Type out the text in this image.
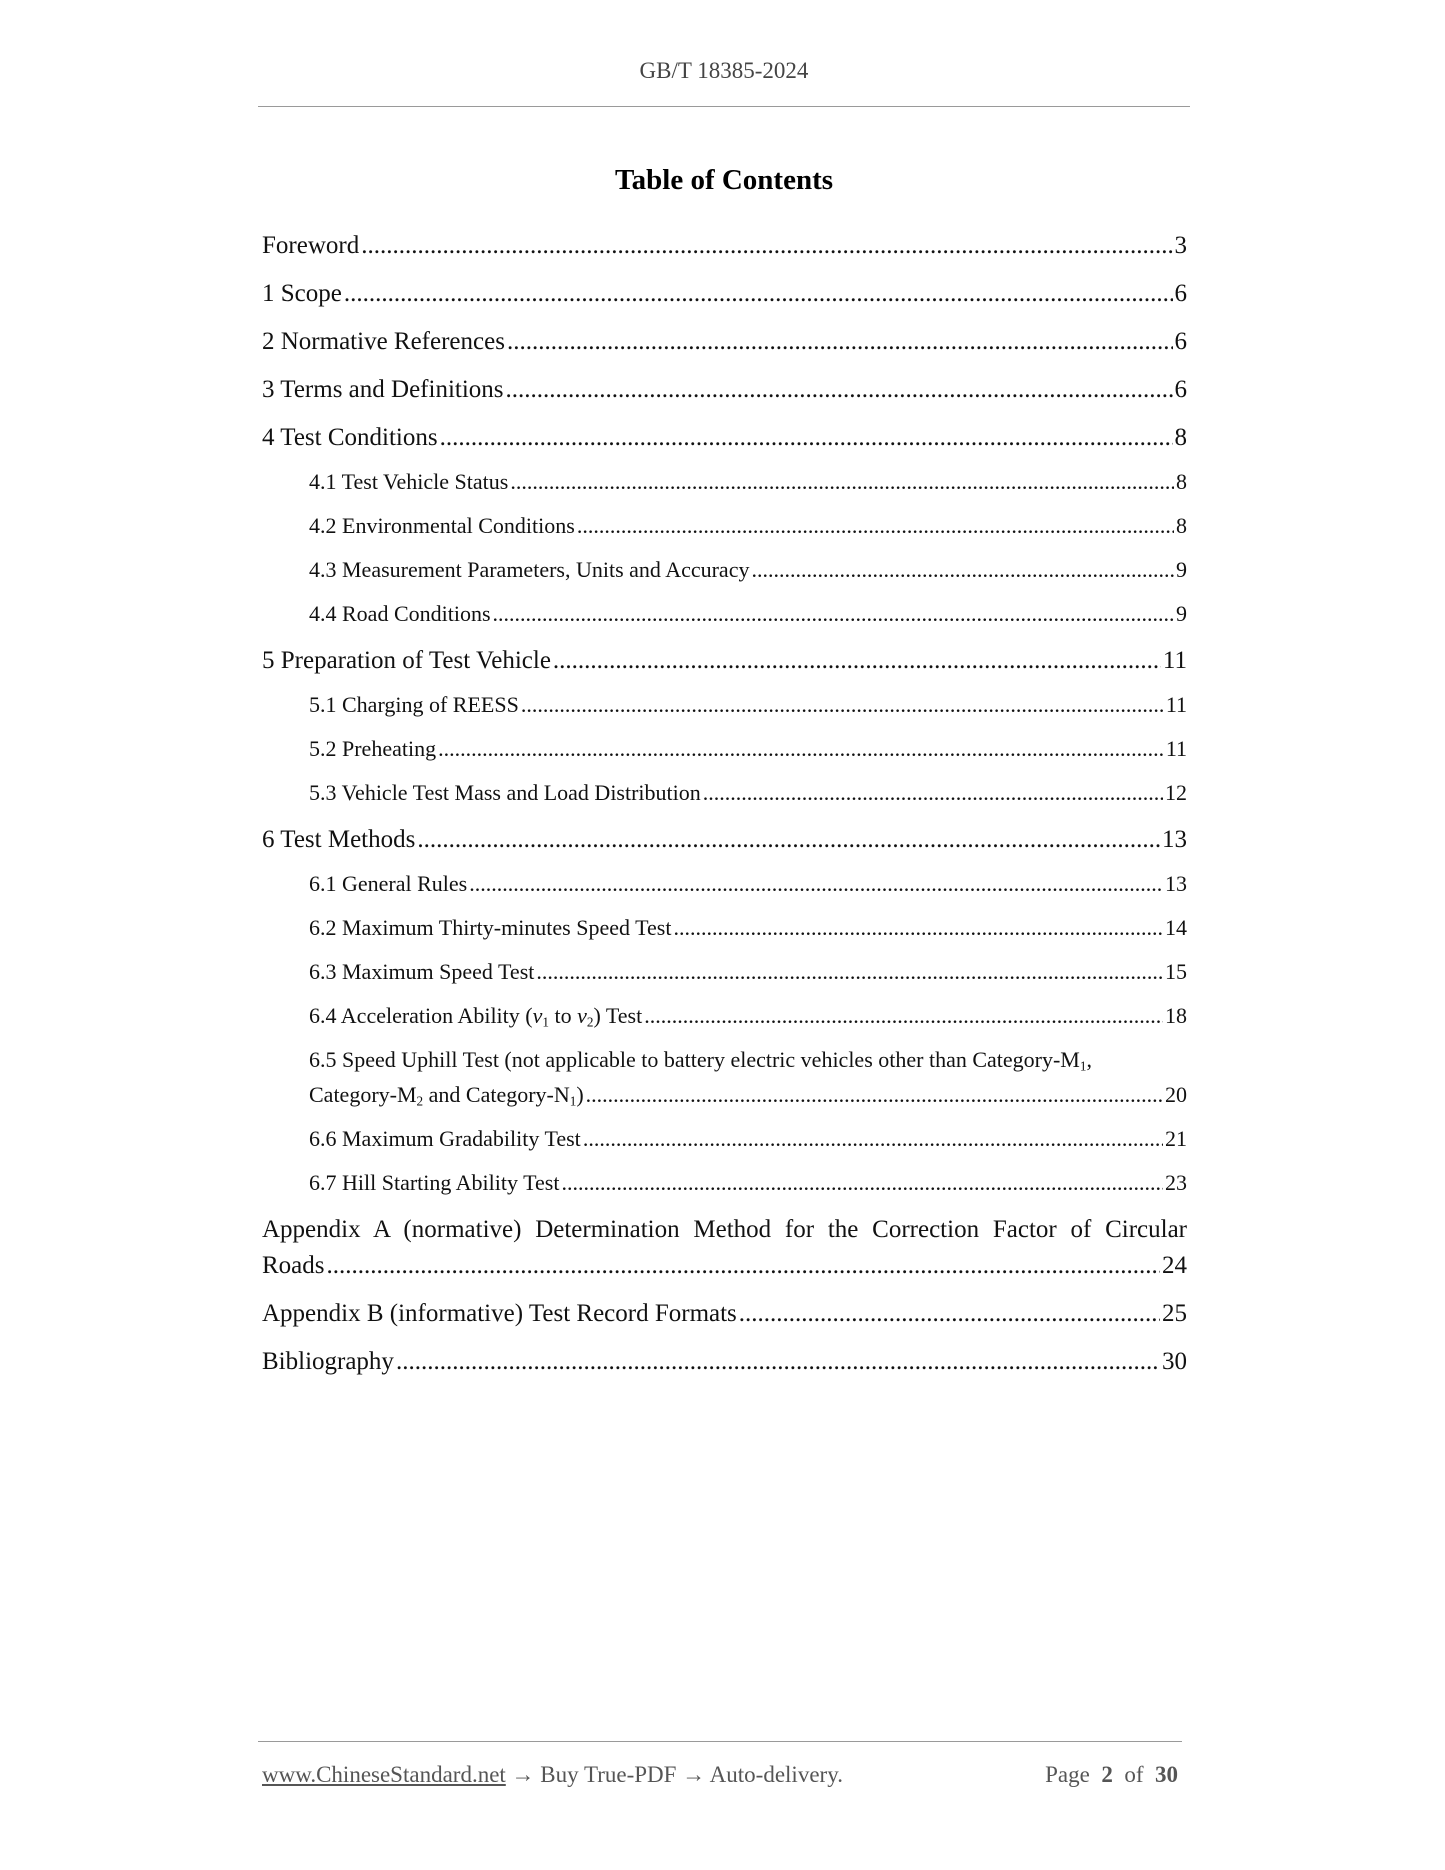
GB/T 18385-2024
Table of Contents
Foreword .....	3
1 Scope .....	6
2 Normative References .....	6
3 Terms and Definitions .....	6
4 Test Conditions .....	8
4.1 Test Vehicle Status .....	8
4.2 Environmental Conditions .....	8
4.3 Measurement Parameters, Units and Accuracy .....	9
4.4 Road Conditions .....	9
5 Preparation of Test Vehicle .....	11
5.1 Charging of REESS .....	11
5.2 Preheating .....	11
5.3 Vehicle Test Mass and Load Distribution .....	12
6 Test Methods .....	13
6.1 General Rules .....	13
6.2 Maximum Thirty-minutes Speed Test .....	14
6.3 Maximum Speed Test .....	15
6.4 Acceleration Ability ($v_1$ to $v_2$) Test .....	18
6.5 Speed Uphill Test (not applicable to battery electric vehicles other than Category-$M_1$,
Category-$M_2$ and Category-$N_1$) .....	20
6.6 Maximum Gradability Test .....	21
6.7 Hill Starting Ability Test .....	23
Appendix A (normative) Determination Method for the Correction Factor of Circular
Roads .....	24
Appendix B (informative) Test Record Formats .....	25
Bibliography .....	30
www.ChineseStandard.net → Buy True-PDF → Auto-delivery.	Page 2 of 30
